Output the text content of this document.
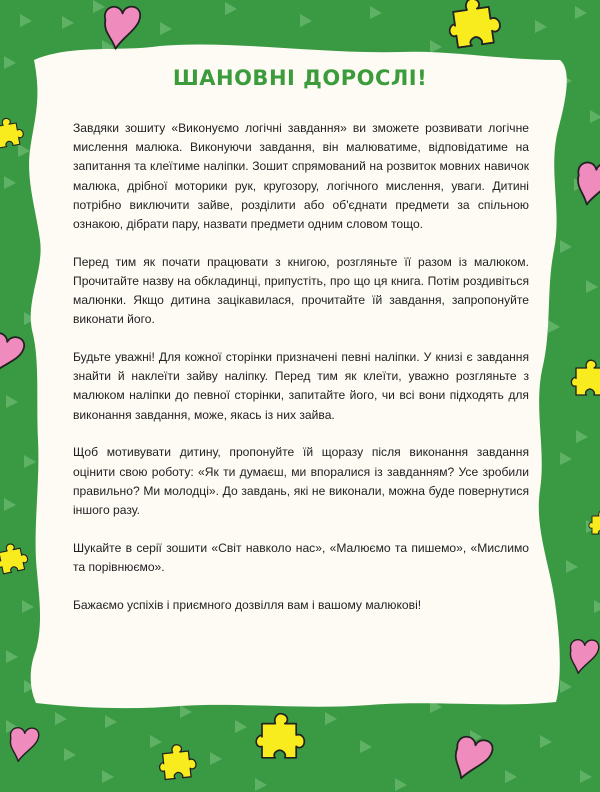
ШАНОВНІ ДОРОСЛІ!

Завдяки зошиту «Виконуємо логічні завдання» ви зможете розвивати логічне мислення малюка. Виконуючи завдання, він малюватиме, відповідатиме на запитання та клеїтиме наліпки. Зошит спрямований на розвиток мовних навичок малюка, дрібної моторики рук, кругозору, логічного мислення, уваги. Дитині потрібно виключити зайве, розділити або об'єднати предмети за спільною ознакою, дібрати пару, назвати предмети одним словом тощо.

Перед тим як почати працювати з книгою, розгляньте її разом із малюком. Прочитайте назву на обкладинці, припустіть, про що ця книга. Потім роздивіться малюнки. Якщо дитина зацікавилася, прочитайте їй завдання, запропонуйте виконати його.

Будьте уважні! Для кожної сторінки призначені певні наліпки. У книзі є завдання знайти й наклеїти зайву наліпку. Перед тим як клеїти, уважно розгляньте з малюком наліпки до певної сторінки, запитайте його, чи всі вони підходять для виконання завдання, може, якась із них зайва.

Щоб мотивувати дитину, пропонуйте їй щоразу після виконання завдання оцінити свою роботу: «Як ти думаєш, ми впоралися із завданням? Усе зробили правильно? Ми молодці». До завдань, які не виконали, можна буде повернутися іншого разу.

Шукайте в серії зошити «Світ навколо нас», «Малюємо та пишемо», «Мислимо та порівнюємо».

Бажаємо успіхів і приємного дозвілля вам і вашому малюкові!
